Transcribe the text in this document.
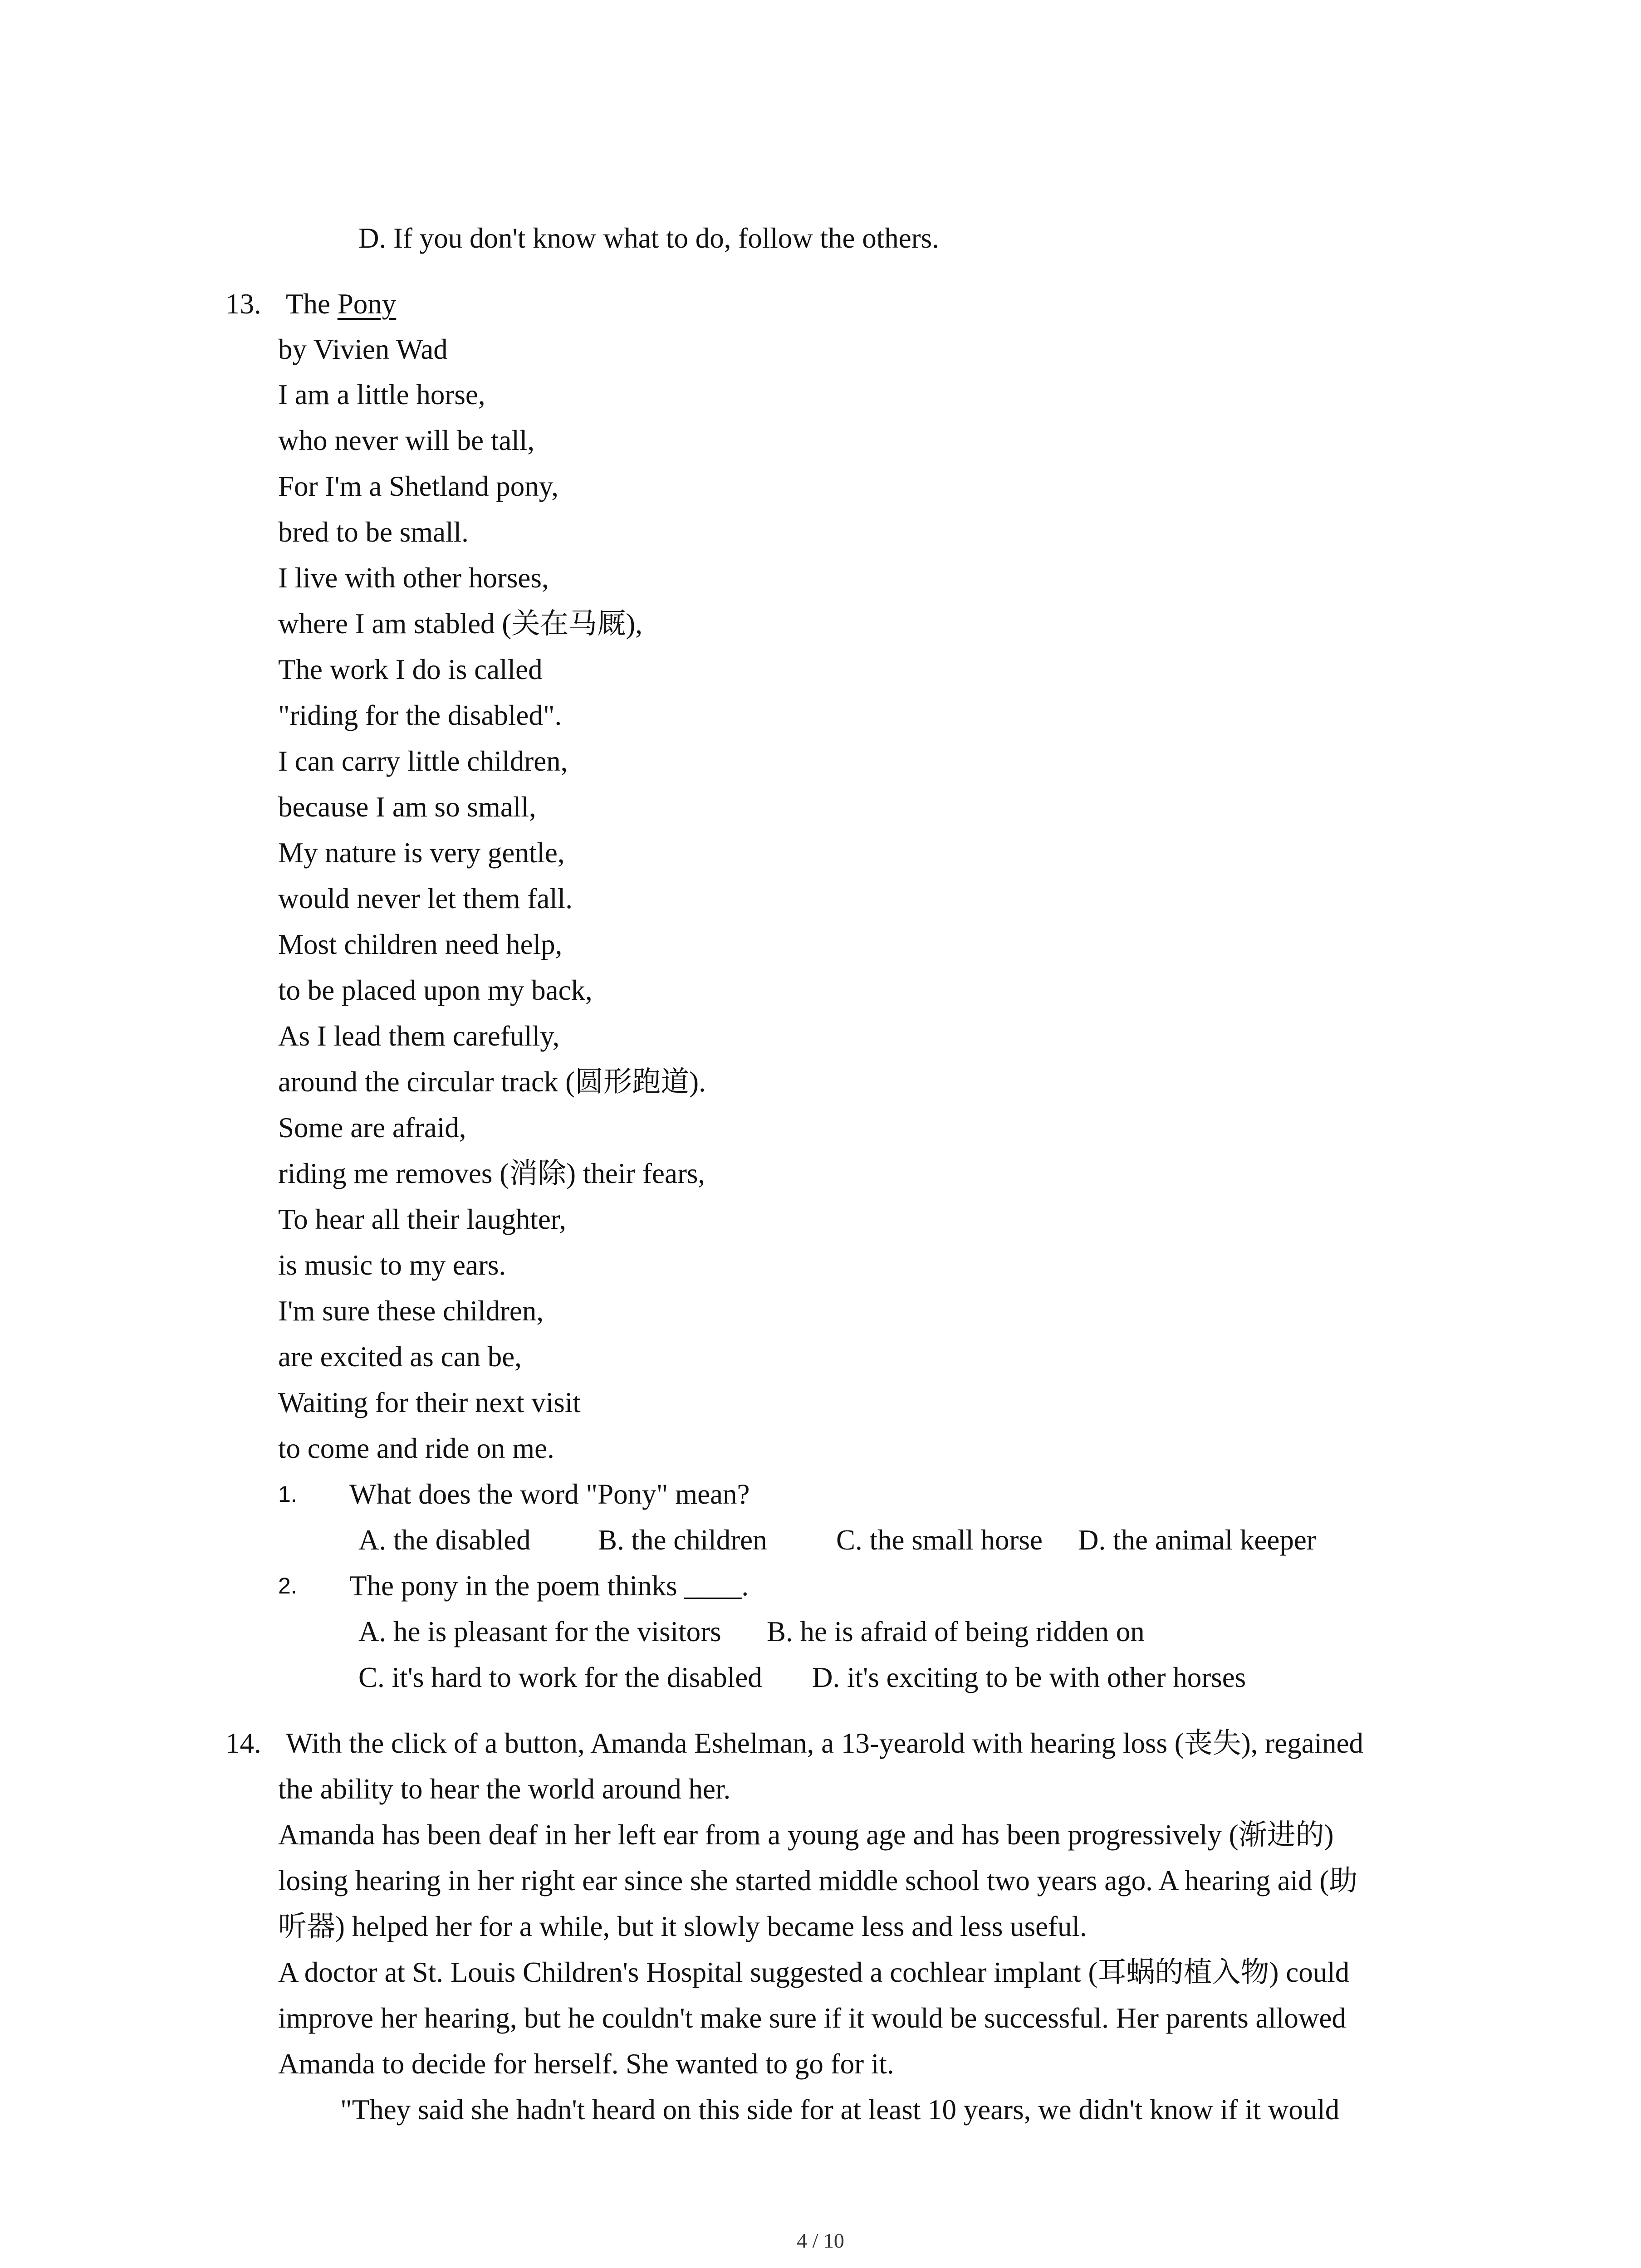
D. If you don't know what to do, follow the others.
13. The Pony
by Vivien Wad
I am a little horse,
who never will be tall,
For I'm a Shetland pony,
bred to be small.
I live with other horses,
where I am stabled (关在马厩),
The work I do is called
"riding for the disabled".
I can carry little children,
because I am so small,
My nature is very gentle,
would never let them fall.
Most children need help,
to be placed upon my back,
As I lead them carefully,
around the circular track (圆形跑道).
Some are afraid,
riding me removes (消除) their fears,
To hear all their laughter,
is music to my ears.
I'm sure these children,
are excited as can be,
Waiting for their next visit
to come and ride on me.
1. What does the word "Pony" mean?
A. the disabled B. the children C. the small horse D. the animal keeper
2. The pony in the poem thinks ____.
A. he is pleasant for the visitors B. he is afraid of being ridden on
C. it's hard to work for the disabled D. it's exciting to be with other horses
14. With the click of a button, Amanda Eshelman, a 13-yearold with hearing loss (丧失), regained
the ability to hear the world around her.
Amanda has been deaf in her left ear from a young age and has been progressively (渐进的)
losing hearing in her right ear since she started middle school two years ago. A hearing aid (助
听器) helped her for a while, but it slowly became less and less useful.
A doctor at St. Louis Children's Hospital suggested a cochlear implant (耳蜗的植入物) could
improve her hearing, but he couldn't make sure if it would be successful. Her parents allowed
Amanda to decide for herself. She wanted to go for it.
"They said she hadn't heard on this side for at least 10 years, we didn't know if it would
4 / 10
